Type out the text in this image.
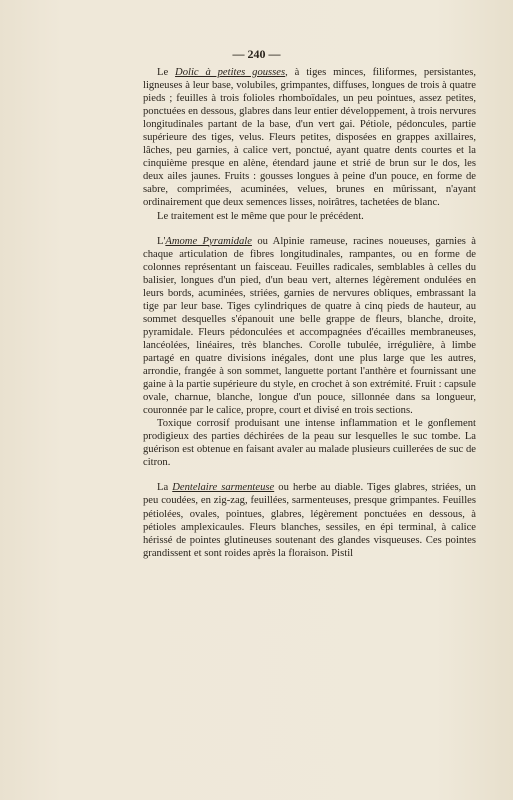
— 240 —

Le Dolic à petites gousses, à tiges minces, filiformes, persistantes, ligneuses à leur base, volubiles, grimpantes, diffuses, longues de trois à quatre pieds ; feuilles à trois folioles rhomboïdales, un peu pointues, assez petites, ponctuées en dessous, glabres dans leur entier développement, à trois nervures longitudinales partant de la base, d'un vert gai. Pétiole, pédoncules, partie supérieure des tiges, velus. Fleurs petites, disposées en grappes axillaires, lâches, peu garnies, à calice vert, ponctué, ayant quatre dents courtes et la cinquième presque en alène, étendard jaune et strié de brun sur le dos, les deux ailes jaunes. Fruits : gousses longues à peine d'un pouce, en forme de sabre, comprimées, acuminées, velues, brunes en mûrissant, n'ayant ordinairement que deux semences lisses, noirâtres, tachetées de blanc.

Le traitement est le même que pour le précédent.

L'Amome Pyramidale ou Alpinie rameuse, racines noueuses, garnies à chaque articulation de fibres longitudinales, rampantes, ou en forme de colonnes représentant un faisceau. Feuilles radicales, semblables à celles du balisier, longues d'un pied, d'un beau vert, alternes légèrement ondulées en leurs bords, acuminées, striées, garnies de nervures obliques, embrassant la tige par leur base. Tiges cylindriques de quatre à cinq pieds de hauteur, au sommet desquelles s'épanouit une belle grappe de fleurs, blanche, droite, pyramidale. Fleurs pédonculées et accompagnées d'écailles membraneuses, lancéolées, linéaires, très blanches. Corolle tubulée, irrégulière, à limbe partagé en quatre divisions inégales, dont une plus large que les autres, arrondie, frangée à son sommet, languette portant l'anthère et fournissant une gaine à la partie supérieure du style, en crochet à son extrémité. Fruit : capsule ovale, charnue, blanche, longue d'un pouce, sillonnée dans sa longueur, couronnée par le calice, propre, court et divisé en trois sections.

Toxique corrosif produisant une intense inflammation et le gonflement prodigieux des parties déchirées de la peau sur lesquelles le suc tombe. La guérison est obtenue en faisant avaler au malade plusieurs cuillerées de suc de citron.

La Dentelaire sarmenteuse ou herbe au diable. Tiges glabres, striées, un peu coudées, en zig-zag, feuillées, sarmenteuses, presque grimpantes. Feuilles pétiolées, ovales, pointues, glabres, légèrement ponctuées en dessous, à pétioles amplexicaules. Fleurs blanches, sessiles, en épi terminal, à calice hérissé de pointes glutineuses soutenant des glandes visqueuses. Ces pointes grandissent et sont roides après la floraison. Pistil
